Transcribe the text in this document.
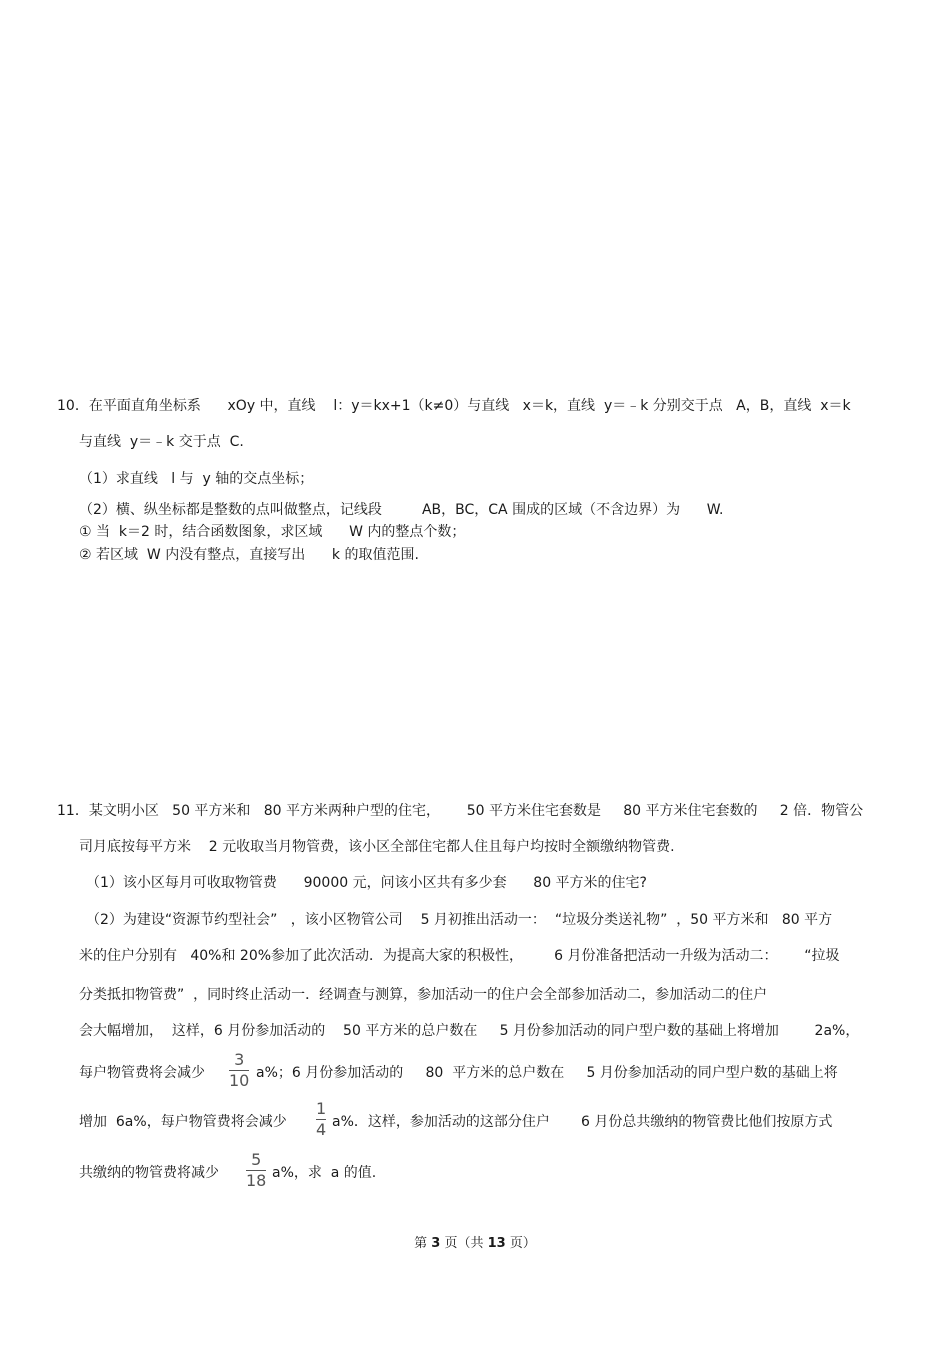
10．在平面直角坐标系      xOy 中，直线    l：y＝kx+1（k≠0）与直线   x＝k，直线  y＝﹣k 分别交于点   A，B，直线  x＝k
与直线  y＝﹣k 交于点  C.
（1）求直线   l 与  y 轴的交点坐标；
（2）横、纵坐标都是整数的点叫做整点，记线段         AB，BC，CA 围成的区域（不含边界）为      W.
① 当  k＝2 时，结合函数图象，求区域      W 内的整点个数；
② 若区域  W 内没有整点，直接写出      k 的取值范围.
11．某文明小区   50 平方米和   80 平方米两种户型的住宅，      50 平方米住宅套数是     80 平方米住宅套数的     2 倍．物管公
司月底按每平方米    2 元收取当月物管费，该小区全部住宅都人住且每户均按时全额缴纳物管费.
（1）该小区每月可收取物管费      90000 元，问该小区共有多少套      80 平方米的住宅?
（2）为建设“资源节约型社会”   ，该小区物管公司    5 月初推出活动一：  “垃圾分类送礼物”  ，50 平方米和   80 平方
米的住户分别有   40%和 20%参加了此次活动．为提高大家的积极性，       6 月份准备把活动一升级为活动二：      “拉圾
分类抵扣物管费”  ，同时终止活动一．经调查与测算，参加活动一的住户会全部参加活动二，参加活动二的住户
会大幅增加，  这样，6 月份参加活动的    50 平方米的总户数在     5 月份参加活动的同户型户数的基础上将增加        2a%，
每户物管费将会减少
3
10 a%；6 月份参加活动的     80  平方米的总户数在     5 月份参加活动的同户型户数的基础上将
增加  6a%，每户物管费将会减少
1
4 a%．这样，参加活动的这部分住户       6 月份总共缴纳的物管费比他们按原方式
共缴纳的物管费将减少
5
18 a%，求  a 的值.
第 3 页（共 13 页）
